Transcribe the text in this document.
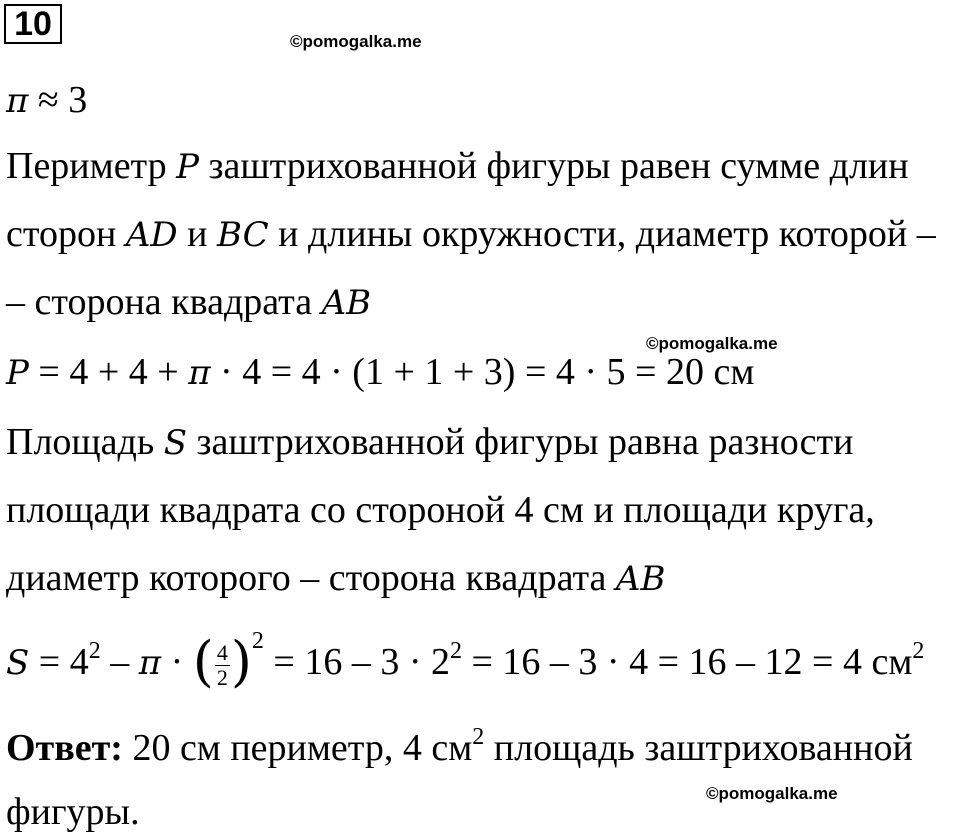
10	©pomogalka.me
©pomogalka.me
©pomogalka.me
π ≈ 3
Периметр P заштрихованной фигуры равен сумме длин
сторон AD и BC и длины окружности, диаметр которой –
– сторона квадрата AB
P = 4 + 4 + π · 4 = 4 · (1 + 1 + 3) = 4 · 5 = 20 см
Площадь S заштрихованной фигуры равна разности
площади квадрата со стороной 4 см и площади круга,
диаметр которого – сторона квадрата AB
$S = 4^2 - \pi$ · ( $\frac{4}{2} )^2 = 16 - 3 \cdot 2^2 = 16 - 3 \cdot 4 = 16 - 12 = 4$ $см^2$
Ответ: 20 см периметр, 4 $см^2$ площадь заштрихованной
фигуры.
